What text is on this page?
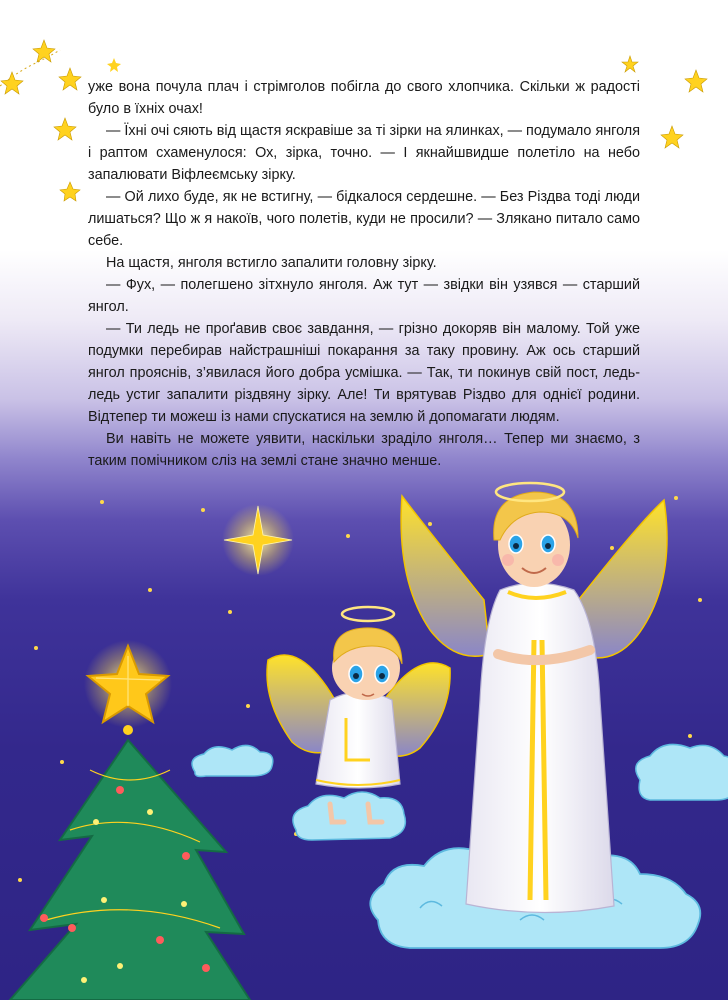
уже вона почула плач і стрімголов побігла до свого хлопчика. Скільки ж радості було в їхніх очах!

— Їхні очі сяють від щастя яскравіше за ті зірки на ялинках, — подумало янголя і раптом схаменулося: Ох, зірка, точно. — І якнайшвидше полетіло на небо запалювати Віфлеємську зірку.

— Ой лихо буде, як не встигну, — бідкалося сердешне. — Без Різдва тоді люди лишаться? Що ж я накоїв, чого полетів, куди не просили? — Злякано питало само себе.

На щастя, янголя встигло запалити головну зірку.

— Фух, — полегшено зітхнуло янголя. Аж тут — звідки він узявся — старший янгол.

— Ти ледь не проґавив своє завдання, — грізно докоряв він малому. Той уже подумки перебирав найстрашніші покарання за таку провину. Аж ось старший янгол прояснів, з’явилася його добра усмішка. — Так, ти покинув свій пост, ледь-ледь устиг запалити різдвяну зірку. Але! Ти врятував Різдво для однієї родини. Відтепер ти можеш із нами спускатися на землю й допомагати людям.

Ви навіть не можете уявити, наскільки зраділо янголя… Тепер ми знаємо, з таким помічником сліз на землі стане значно менше.
